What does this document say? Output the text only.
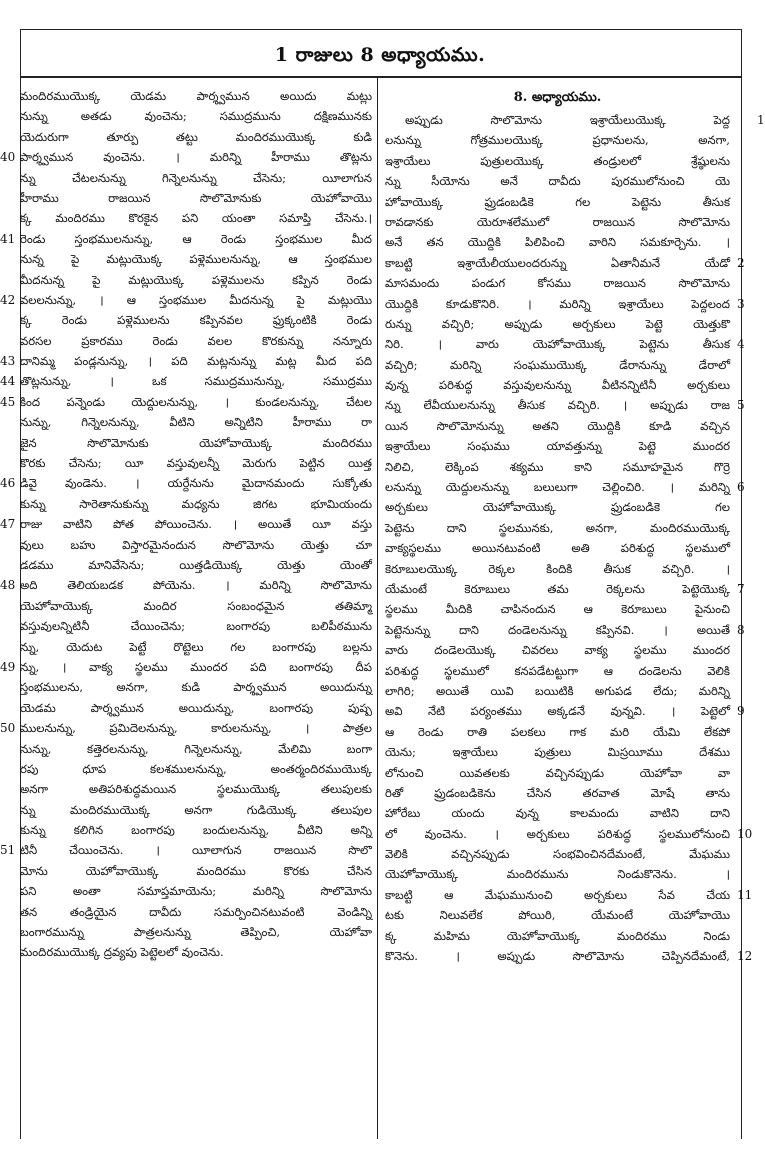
1 రాజులు 8 అధ్యాయము.
మందిరముయొక్క యెడమ పార్శ్వమున అయిదు మట్లు
నున్ను అతడు వుంచెను; సముద్రమును దక్షిణమునకు
యెదురుగా తూర్పు తట్టు మందిరముయొక్క కుడి
40 పార్శ్వమున వుంచెను. । మరిన్ని హీరాము తొట్లను
న్ను చేటలనున్ను గిన్నెలనున్ను చేసెను; యీలాగున
హీరాము రాజయిన సొలొమోనుకు యెహోవాయొ
క్క మందిరము కొరకైన పని యంతా సమాప్తి చేసెను.।
41 రెండు స్తంభములనున్ను, ఆ రెండు స్తంభముల మీద
నున్న పై మట్లుయొక్క పళ్లెములనున్ను, ఆ స్తంభముల
మీదనున్న పై మట్లుయొక్క పళ్లెములను కప్పిన రెండు
42 వలలనున్ను, । ఆ స్తంభముల మీదనున్న పై మట్లుయొ
క్క రెండు పళ్లెములను కప్పినవల ఫ్రుక్కంటికి రెండు
వరసల ప్రకారము రెండు వలల కొరకున్ను నన్నూరు
43 దానిమ్మ పండ్లనున్ను, । పది మట్లనున్ను మట్ల మీద పది
44 తొట్లనున్ను, । ఒక సముద్రమునున్ను, సముద్రము
45 కింద పన్నెండు యెద్దులనున్ను, । కుండలనున్ను, చేటల
నున్ను, గిన్నెలనున్ను, వీటిని అన్నిటిని హీరాము రా
జైన సొలొమోనుకు యెహోవాయొక్క మందిరము
కొరకు చేసెను; యీ వస్తువులన్నీ మెరుగు పెట్టిన యిత్త
46 డివై వుండెను. । యర్దేనును మైదానమందు సుక్కోతు
కున్ను సారెతానుకున్ను మధ్యను జిగట భూమియందు
47 రాజు వాటిని పోత పోయించెను. । అయితే యీ వస్తు
వులు బహు విస్తారమైనందున సొలొమోను యెత్తు చూ
డడము మానివేసెను; యిత్తడియొక్క యెత్తు యెంతో
48 అది తెలియబడక పోయెను. । మరిన్ని సొలొమోను
యెహోవాయొక్క మందిర సంబంధమైన తతిమ్మా
వస్తువులన్నిటినీ చేయించెను; బంగారపు బలిపీఠమును
న్ను, యెదుట పెట్టే రొట్టెలు గల బంగారపు బల్లను
49 న్ను, । వాక్య స్థలము ముందర పది బంగారపు దీప
స్తంభములను, అనగా, కుడి పార్శ్వమున అయిదున్ను
యెడమ పార్శ్వమున అయిదున్ను, బంగారపు పుష్ప
50 ములనున్ను, ప్రమిదెలనున్ను, కారులనున్ను, । పాత్రల
నున్ను, కత్తెరలనున్ను, గిన్నెలనున్ను, మేలిమి బంగా
రపు ధూప కలశములనున్ను, అంతర్మందిరముయొక్క
అనగా అతిపరిశుద్ధమయిన స్థలముయొక్క తలుపులకు
న్ను మందిరముయొక్క అనగా గుడియొక్క తలుపుల
కున్ను కలిగిన బంగారపు బందులనున్ను, వీటిని అన్ని
51 టినీ చేయించెను. । యీలాగున రాజయిన సొలొ
మోను యెహోవాయొక్క మందిరము కొరకు చేసిన
పని అంతా సమాప్తమాయెను; మరిన్ని సొలొమోను
తన తండ్రియైన దావీదు సమర్పించినటువంటి వెండిన్ని
బంగారమున్ను పాత్రలనున్ను తెప్పించి, యెహోవా
మందిరముయొక్క ద్రవ్యపు పెట్టెలలో వుంచెను.
8. అధ్యాయము.
అప్పుడు సొలొమోను ఇశ్రాయేలుయొక్క పెద్ద	1
లనున్ను గోత్రములయొక్క ప్రధానులను, అనగా,
ఇశ్రాయేలు పుత్రులయొక్క తండ్రులలో శ్రేష్ఠులను
న్ను సీయోను అనే దావీదు పురములోనుంచి యె
హోవాయొక్క ఫ్రుడంబడికె గల పెట్టెను తీసుక
రావడానకు యెరూశలేములో రాజయిన సొలొమోను
అనే తన యొద్దికి పిలిపించి వారిని సమకూర్చెను. ।
కాబట్టి ఇశ్రాయేలీయులందరున్ను ఏతానీమనే యేడో 2
మాసమందు పండుగ కోసము రాజయిన సొలొమోను
యొద్దికి కూడుకొనిరి. । మరిన్ని ఇశ్రాయేలు పెద్దలంద 3
రున్ను వచ్చిరి; అప్పుడు అర్చకులు పెట్టె యెత్తుకొ
నిరి. । వారు యెహోవాయొక్క పెట్టెను తీసుక 4
వచ్చిరి; మరిన్ని సంఘముయొక్క డేరానున్ను డేరాలో
వున్న పరిశుద్ధ వస్తువులనున్ను వీటినన్నిటినీ అర్చకులు
న్ను లేవీయులనున్ను తీసుక వచ్చిరి. । అప్పుడు రాజ 5
యిన సొలొమోనున్ను అతని యొద్దికి కూడి వచ్చిన
ఇశ్రాయేలు సంఘము యావత్తున్ను పెట్టె ముందర
నిలిచి, లెక్కింప శక్యము కాని సమూహమైన గొర్రె
లనున్ను యెద్దులనున్ను బలులుగా చెల్లించిరి. । మరిన్ని 6
అర్చకులు యెహోవాయొక్క ఫ్రుడంబడికె గల
పెట్టెను దాని స్థలమునకు, అనగా, మందిరముయొక్క
వాక్యస్థలము అయినటువంటి అతి పరిశుద్ధ స్థలములో
కెరూబులయొక్క రెక్కల కిందికి తీసుక వచ్చిరి. ।
యేమంటే కెరూబులు తమ రెక్కలను పెట్టెయొక్క 7
స్థలము మీదికి చాపినందున ఆ కెరూబులు పైనుంచి
పెట్టెనున్ను దాని దండెలనున్ను కప్పినవి. । అయితే 8
వారు దండెలయొక్క చివరలు వాక్య స్థలము ముందర
పరిశుద్ధ స్థలములో కనపడేటట్టుగా ఆ దండెలను వెలికి
లాగిరి; అయితే యివి బయిటికి అగుపడ లేదు; మరిన్ని
అవి నేటి పర్యంతము అక్కడనే వున్నవి. । పెట్టెలో 9
ఆ రెండు రాతి పలకలు గాక మరి యేమి లేకపో
యెను; ఇశ్రాయేలు పుత్రులు మిస్రయీము దేశము
లోనుంచి యివతలకు వచ్చినప్పుడు యెహోవా వా
రితో ఫ్రుడంబడికెను చేసిన తరవాత మోషే తాను
హోరేబు యందు వున్న కాలమందు వాటిని దాని
లో వుంచెను. । అర్చకులు పరిశుద్ధ స్థలములోనుంచి 10
వెలికి వచ్చినప్పుడు సంభవించినదేమంటే, మేఘము
యెహోవాయొక్క మందిరమును నిండుకొనెను. ।
కాబట్టి ఆ మేఘమునుంచి అర్చకులు సేవ చేయ 11
టకు నిలువలేక పోయిరి, యేమంటే యెహోవాయొ
క్క మహిమ యెహోవాయొక్క మందిరము నిండు
కొనెను. । అప్పుడు సొలొమోను చెప్పినదేమంటే, 12
